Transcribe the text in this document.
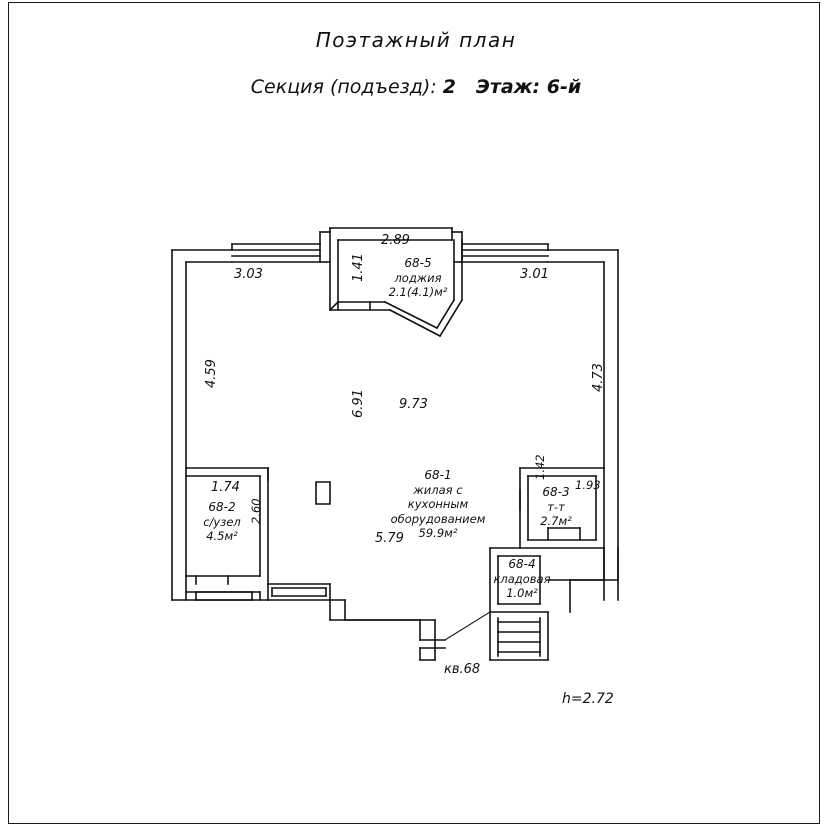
Поэтажный план
Секция (подъезд): 2 Этаж: 6-й
3.03
2.89
1.41	3.01
4.59	4.73
9.73
6.91
1.74
2.60
5.79
1.42
1.93
68-5
лоджия
2.1(4.1)м²
68-1
жилая с
кухонным
оборудованием
59.9м²
68-2
с/узел
4.5м²
68-3
т-т
2.7м²
68-4
кладовая
1.0м²
кв.68
h=2.72
